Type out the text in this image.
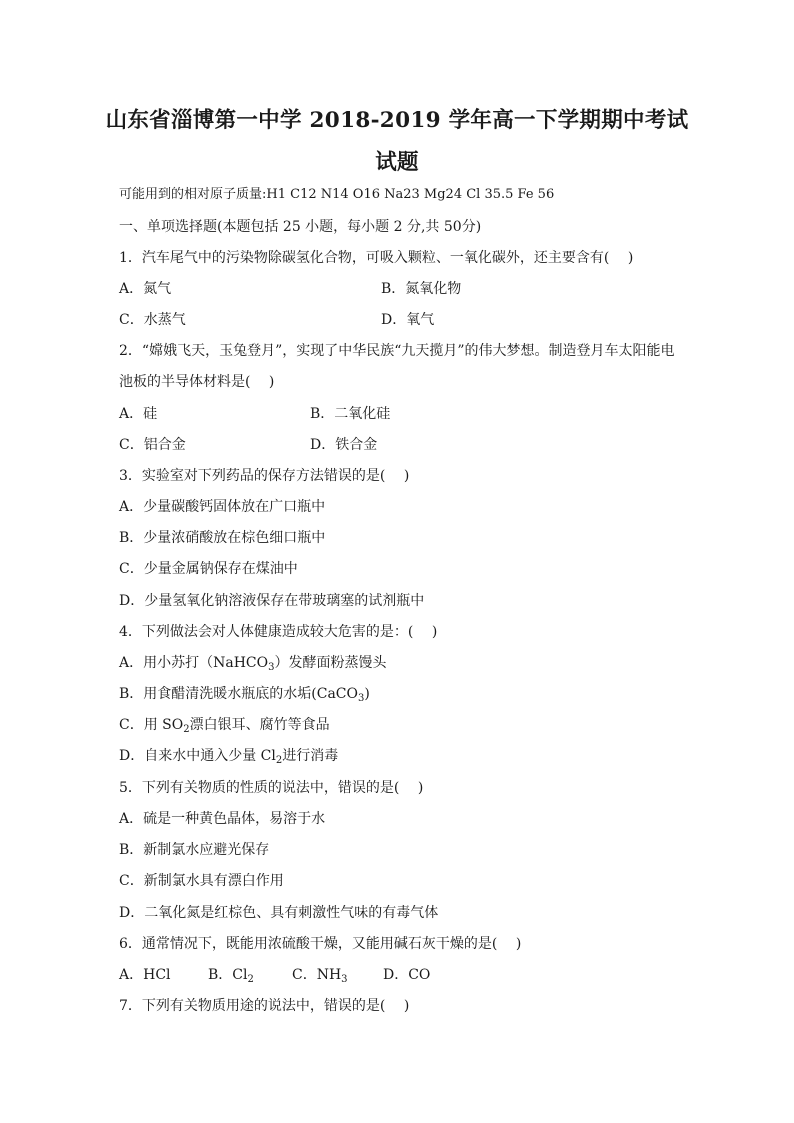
山东省淄博第一中学 2018-2019 学年高一下学期期中考试试题
可能用到的相对原子质量:H1 C12 N14 O16 Na23 Mg24 Cl 35.5 Fe 56
一、单项选择题(本题包括 25 小题，每小题 2 分,共 50分)
1．汽车尾气中的污染物除碳氢化合物，可吸入颗粒、一氧化碳外，还主要含有(　 )
A．氮气	B．氮氧化物
C．水蒸气	D．氧气
2．“嫦娥飞天，玉兔登月”，实现了中华民族“九天揽月”的伟大梦想。制造登月车太阳能电
池板的半导体材料是(　 )
A．硅	B．二氧化硅
C．铝合金	D．铁合金
3．实验室对下列药品的保存方法错误的是(　 )
A．少量碳酸钙固体放在广口瓶中
B．少量浓硝酸放在棕色细口瓶中
C．少量金属钠保存在煤油中
D．少量氢氧化钠溶液保存在带玻璃塞的试剂瓶中
4．下列做法会对人体健康造成较大危害的是：(　 )
A．用小苏打（NaHCO$_3$）发酵面粉蒸馒头
B．用食醋清洗暖水瓶底的水垢(CaCO$_3$)
C．用 $SO_2$漂白银耳、腐竹等食品
D．自来水中通入少量 $Cl_2$进行消毒
5．下列有关物质的性质的说法中，错误的是(　 )
A．硫是一种黄色晶体，易溶于水
B．新制氯水应避光保存
C．新制氯水具有漂白作用
D．二氧化氮是红棕色、具有刺激性气味的有毒气体
6．通常情况下，既能用浓硫酸干燥，又能用碱石灰干燥的是(　 )
A．HCl	B．$Cl_2$	C．$NH_3$	D．CO
7．下列有关物质用途的说法中，错误的是(　 )
